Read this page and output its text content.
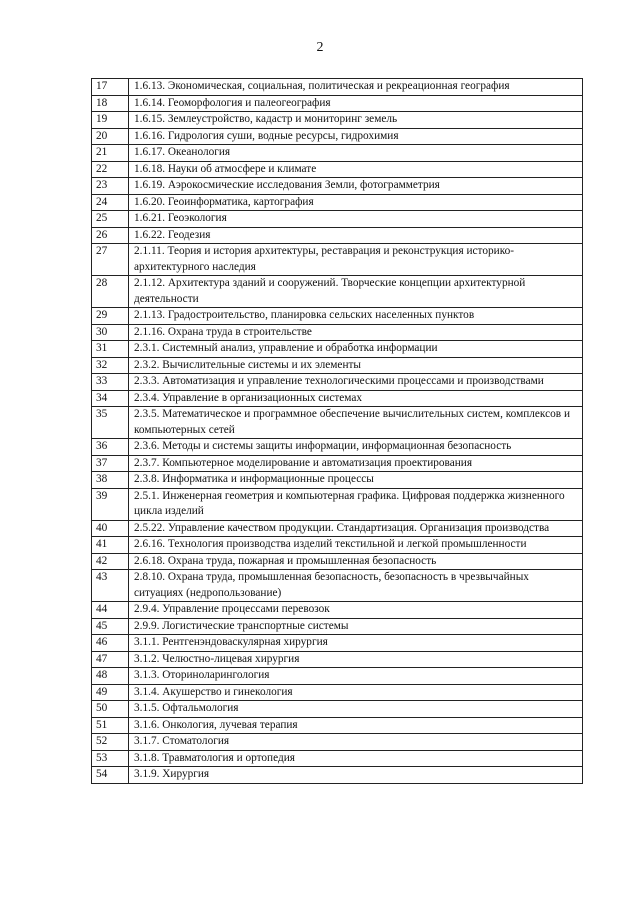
2
17	1.6.13. Экономическая, социальная, политическая и рекреационная география
18	1.6.14. Геоморфология и палеогеография
19	1.6.15. Землеустройство, кадастр и мониторинг земель
20	1.6.16. Гидрология суши, водные ресурсы, гидрохимия
21	1.6.17. Океанология
22	1.6.18. Науки об атмосфере и климате
23	1.6.19. Аэрокосмические исследования Земли, фотограмметрия
24	1.6.20. Геоинформатика, картография
25	1.6.21. Геоэкология
26	1.6.22. Геодезия
27	2.1.11. Теория и история архитектуры, реставрация и реконструкция историко-архитектурного наследия
28	2.1.12. Архитектура зданий и сооружений. Творческие концепции архитектурной деятельности
29	2.1.13. Градостроительство, планировка сельских населенных пунктов
30	2.1.16. Охрана труда в строительстве
31	2.3.1. Системный анализ, управление и обработка информации
32	2.3.2. Вычислительные системы и их элементы
33	2.3.3. Автоматизация и управление технологическими процессами и производствами
34	2.3.4. Управление в организационных системах
35	2.3.5. Математическое и программное обеспечение вычислительных систем, комплексов и компьютерных сетей
36	2.3.6. Методы и системы защиты информации, информационная безопасность
37	2.3.7. Компьютерное моделирование и автоматизация проектирования
38	2.3.8. Информатика и информационные процессы
39	2.5.1. Инженерная геометрия и компьютерная графика. Цифровая поддержка жизненного цикла изделий
40	2.5.22. Управление качеством продукции. Стандартизация. Организация производства
41	2.6.16. Технология производства изделий текстильной и легкой промышленности
42	2.6.18. Охрана труда, пожарная и промышленная безопасность
43	2.8.10. Охрана труда, промышленная безопасность, безопасность в чрезвычайных ситуациях (недропользование)
44	2.9.4. Управление процессами перевозок
45	2.9.9. Логистические транспортные системы
46	3.1.1. Рентгенэндоваскулярная хирургия
47	3.1.2. Челюстно-лицевая хирургия
48	3.1.3. Оториноларингология
49	3.1.4. Акушерство и гинекология
50	3.1.5. Офтальмология
51	3.1.6. Онкология, лучевая терапия
52	3.1.7. Стоматология
53	3.1.8. Травматология и ортопедия
54	3.1.9. Хирургия
